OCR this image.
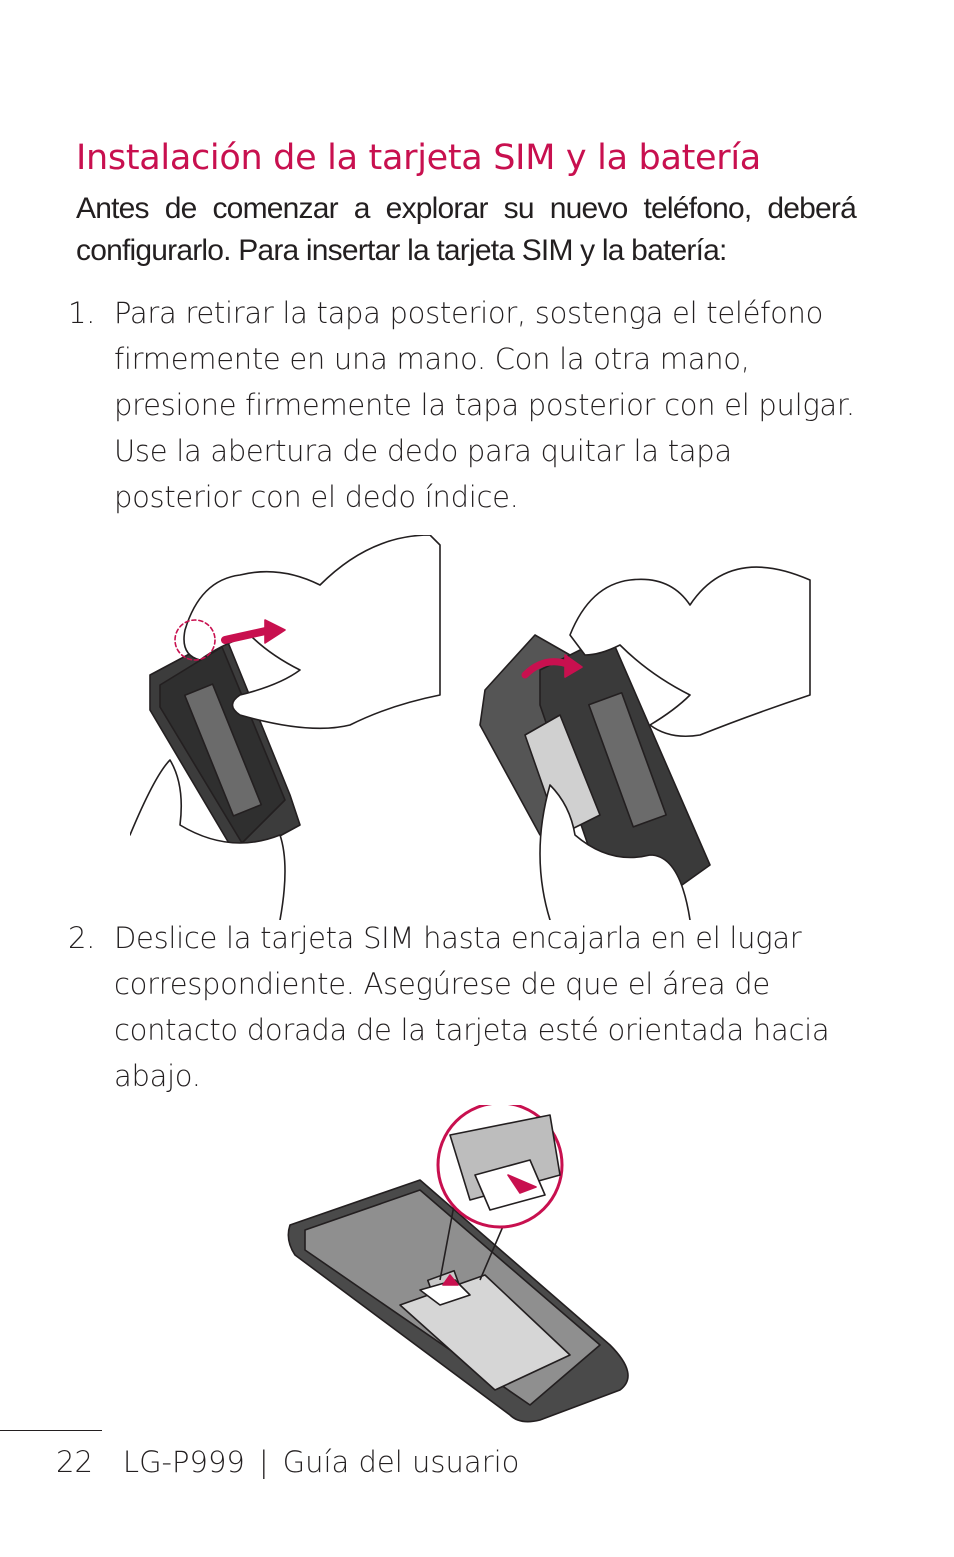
Instalación de la tarjeta SIM y la batería
Antes de comenzar a explorar su nuevo teléfono, deberá configurarlo. Para insertar la tarjeta SIM y la batería:
1. Para retirar la tapa posterior, sostenga el teléfono firmemente en una mano. Con la otra mano, presione firmemente la tapa posterior con el pulgar. Use la abertura de dedo para quitar la tapa posterior con el dedo índice.
2. Deslice la tarjeta SIM hasta encajarla en el lugar correspondiente. Asegúrese de que el área de contacto dorada de la tarjeta esté orientada hacia abajo.
22 LG-P999 | Guía del usuario
